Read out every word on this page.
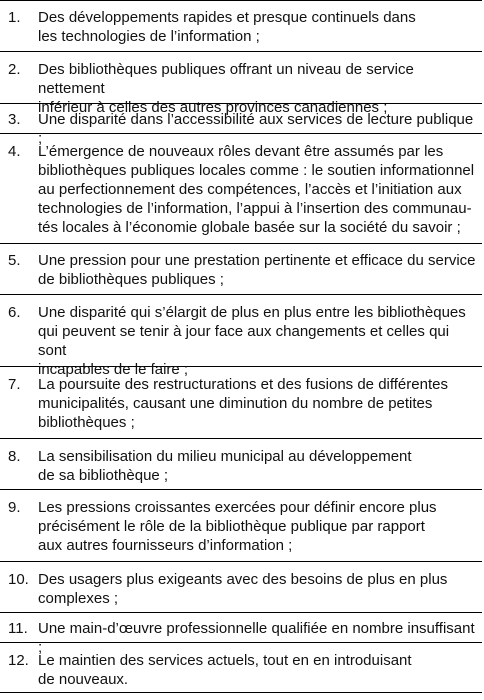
1.	Des développements rapides et presque continuels dans
les technologies de l’information ;
2.	Des bibliothèques publiques offrant un niveau de service nettement
inférieur à celles des autres provinces canadiennes ;
3.	Une disparité dans l’accessibilité aux services de lecture publique ;
4.	L’émergence de nouveaux rôles devant être assumés par les
bibliothèques publiques locales comme : le soutien informationnel
au perfectionnement des compétences, l’accès et l’initiation aux
technologies de l’information, l’appui à l’insertion des communau-
tés locales à l’économie globale basée sur la société du savoir ;
5.	Une pression pour une prestation pertinente et efficace du service
de bibliothèques publiques ;
6.	Une disparité qui s’élargit de plus en plus entre les bibliothèques
qui peuvent se tenir à jour face aux changements et celles qui sont
incapables de le faire ;
7.	La poursuite des restructurations et des fusions de différentes
municipalités, causant une diminution du nombre de petites
bibliothèques ;
8.	La sensibilisation du milieu municipal au développement
de sa bibliothèque ;
9.	Les pressions croissantes exercées pour définir encore plus
précisément le rôle de la bibliothèque publique par rapport
aux autres fournisseurs d’information ;
10. Des usagers plus exigeants avec des besoins de plus en plus
complexes ;
11. Une main-d’œuvre professionnelle qualifiée en nombre insuffisant ;
12. Le maintien des services actuels, tout en en introduisant
de nouveaux.
